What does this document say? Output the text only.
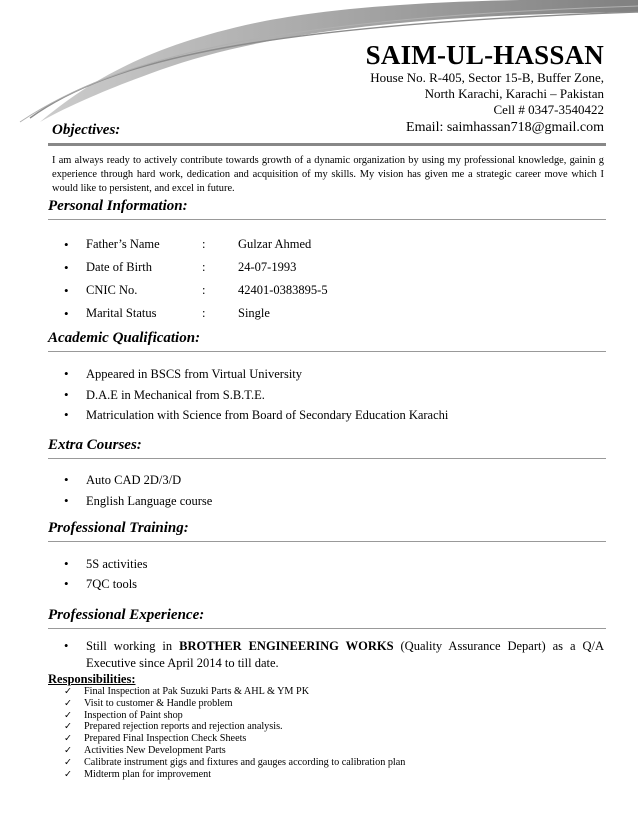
SAIM-UL-HASSAN
House No. R-405, Sector 15-B, Buffer Zone,
North Karachi, Karachi – Pakistan
Cell # 0347-3540422
Email: saimhassan718@gmail.com
Objectives:
I am always ready to actively contribute towards growth of a dynamic organization by using my professional knowledge, gainin g experience through hard work, dedication and acquisition of my skills. My vision has given me a strategic career move which I would like to persistent, and excel in future.
Personal Information:
• Father’s Name	:	Gulzar Ahmed
• Date of Birth	:	24-07-1993
• CNIC No.	:	42401-0383895-5
• Marital Status	:	Single
Academic Qualification:
• Appeared in BSCS from Virtual University
• D.A.E in Mechanical from S.B.T.E.
• Matriculation with Science from Board of Secondary Education Karachi
Extra Courses:
• Auto CAD 2D/3/D
• English Language course
Professional Training:
• 5S activities
• 7QC tools
Professional Experience:
•	Still working in BROTHER ENGINEERING WORKS (Quality Assurance Depart) as a Q/A Executive since April 2014 to till date.
Responsibilities:
✓ Final Inspection at Pak Suzuki Parts & AHL & YM PK
✓ Visit to customer & Handle problem
✓ Inspection of Paint shop
✓ Prepared rejection reports and rejection analysis.
✓ Prepared Final Inspection Check Sheets
✓ Activities New Development Parts
✓ Calibrate instrument gigs and fixtures and gauges according to calibration plan
✓ Midterm plan for improvement
